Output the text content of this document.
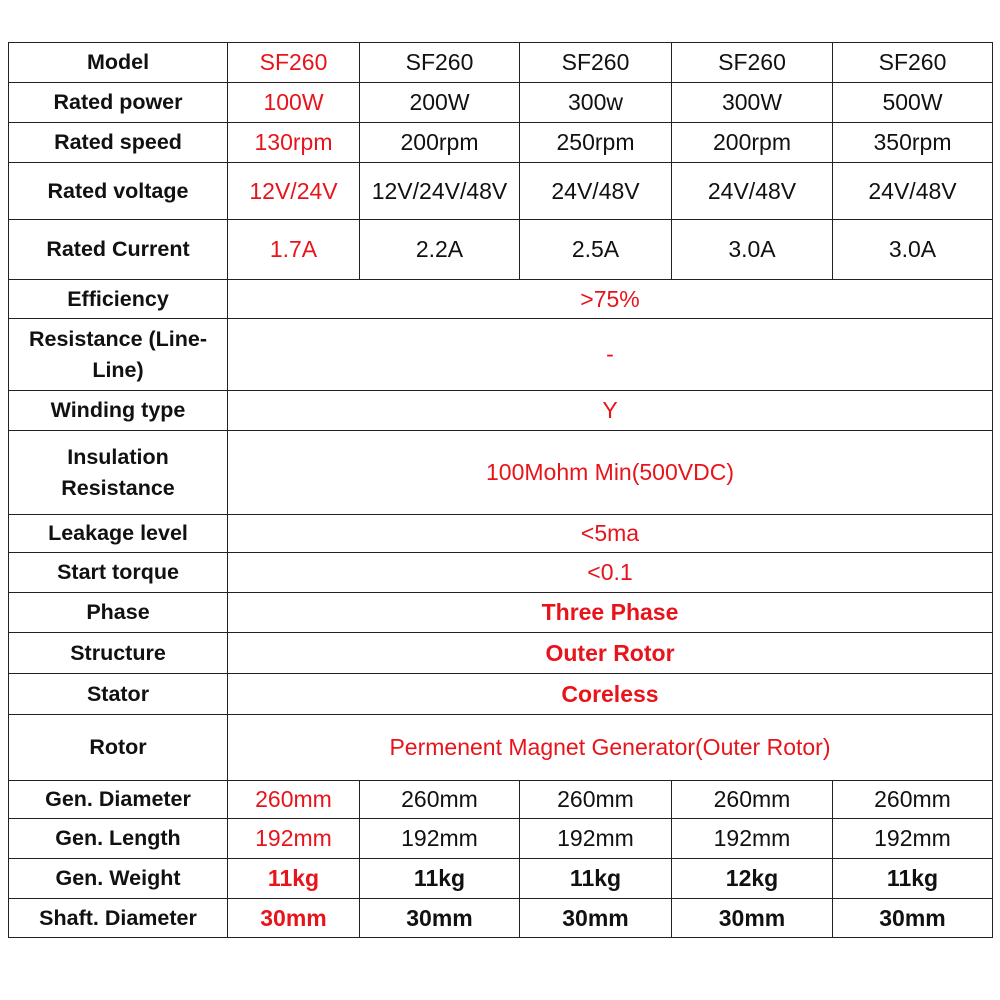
Model	SF260	SF260	SF260	SF260	SF260
Rated power	100W	200W	300w	300W	500W
Rated speed	130rpm	200rpm	250rpm	200rpm	350rpm
Rated voltage	12V/24V	12V/24V/48V	24V/48V	24V/48V	24V/48V
Rated Current	1.7A	2.2A	2.5A	3.0A	3.0A
Efficiency	>75%				
Resistance (Line-Line)	-				
Winding type	Y				
Insulation Resistance	100Mohm Min(500VDC)				
Leakage level	<5ma				
Start torque	<0.1				
Phase	Three Phase				
Structure	Outer Rotor				
Stator	Coreless				
Rotor	Permenent Magnet Generator(Outer Rotor)				
Gen. Diameter	260mm	260mm	260mm	260mm	260mm
Gen. Length	192mm	192mm	192mm	192mm	192mm
Gen. Weight	11kg	11kg	11kg	12kg	11kg
Shaft. Diameter	30mm	30mm	30mm	30mm	30mm
